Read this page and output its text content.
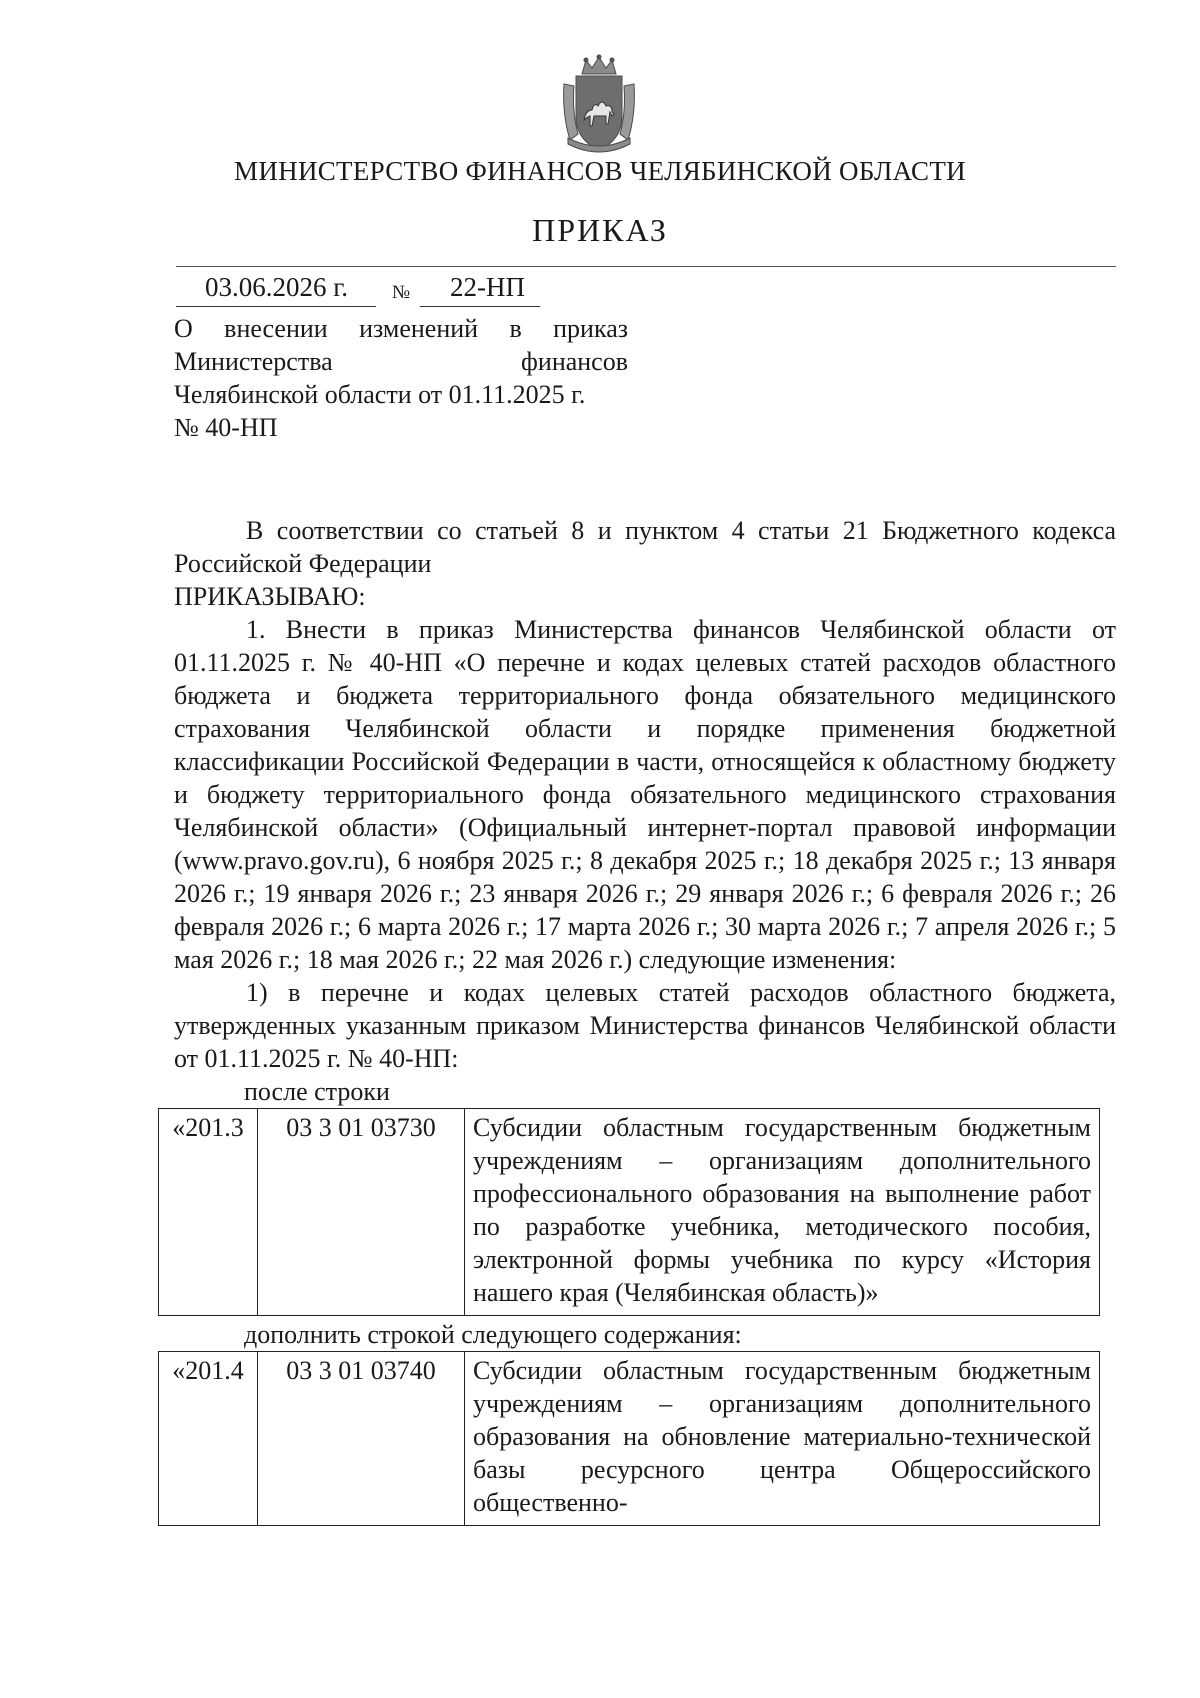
МИНИСТЕРСТВО ФИНАНСОВ ЧЕЛЯБИНСКОЙ ОБЛАСТИ
ПРИКАЗ
03.06.2026 г. № 22-НП
О внесении изменений в приказ
Министерства финансов
Челябинской области от 01.11.2025 г.
№ 40-НП

В соответствии со статьей 8 и пунктом 4 статьи 21 Бюджетного кодекса Российской Федерации

ПРИКАЗЫВАЮ:

1. Внести в приказ Министерства финансов Челябинской области от 01.11.2025 г. № 40-НП «О перечне и кодах целевых статей расходов областного бюджета и бюджета территориального фонда обязательного медицинского страхования Челябинской области и порядке применения бюджетной классификации Российской Федерации в части, относящейся к областному бюджету и бюджету территориального фонда обязательного медицинского страхования Челябинской области» (Официальный интернет-портал правовой информации (www.pravo.gov.ru), 6 ноября 2025 г.; 8 декабря 2025 г.; 18 декабря 2025 г.; 13 января 2026 г.; 19 января 2026 г.; 23 января 2026 г.; 29 января 2026 г.; 6 февраля 2026 г.; 26 февраля 2026 г.; 6 марта 2026 г.; 17 марта 2026 г.; 30 марта 2026 г.; 7 апреля 2026 г.; 5 мая 2026 г.; 18 мая 2026 г.; 22 мая 2026 г.) следующие изменения:

1) в перечне и кодах целевых статей расходов областного бюджета, утвержденных указанным приказом Министерства финансов Челябинской области от 01.11.2025 г. № 40-НП:

после строки

«201.3	03 3 01 03730	Субсидии областным государственным бюджетным учреждениям – организациям дополнительного профессионального образования на выполнение работ по разработке учебника, методического пособия, электронной формы учебника по курсу «История нашего края (Челябинская область)»

дополнить строкой следующего содержания:

«201.4	03 3 01 03740	Субсидии областным государственным бюджетным учреждениям – организациям дополнительного образования на обновление материально-технической базы ресурсного центра Общероссийского общественно-
